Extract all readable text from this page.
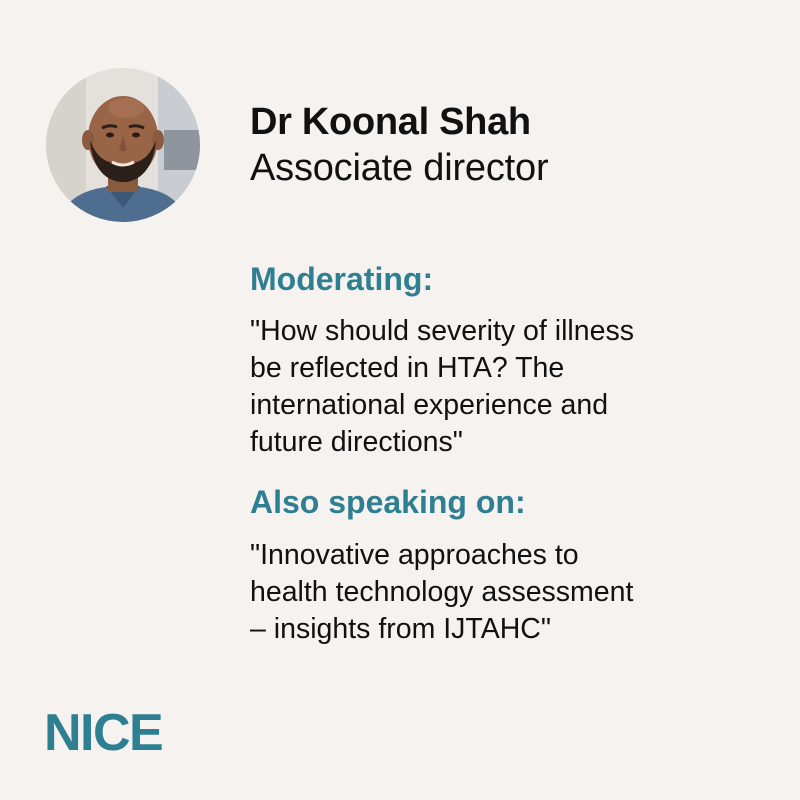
Dr Koonal Shah
Associate director
Moderating:
"How should severity of illness
be reflected in HTA? The
international experience and
future directions"
Also speaking on:
"Innovative approaches to
health technology assessment
– insights from IJTAHC"
NICE
